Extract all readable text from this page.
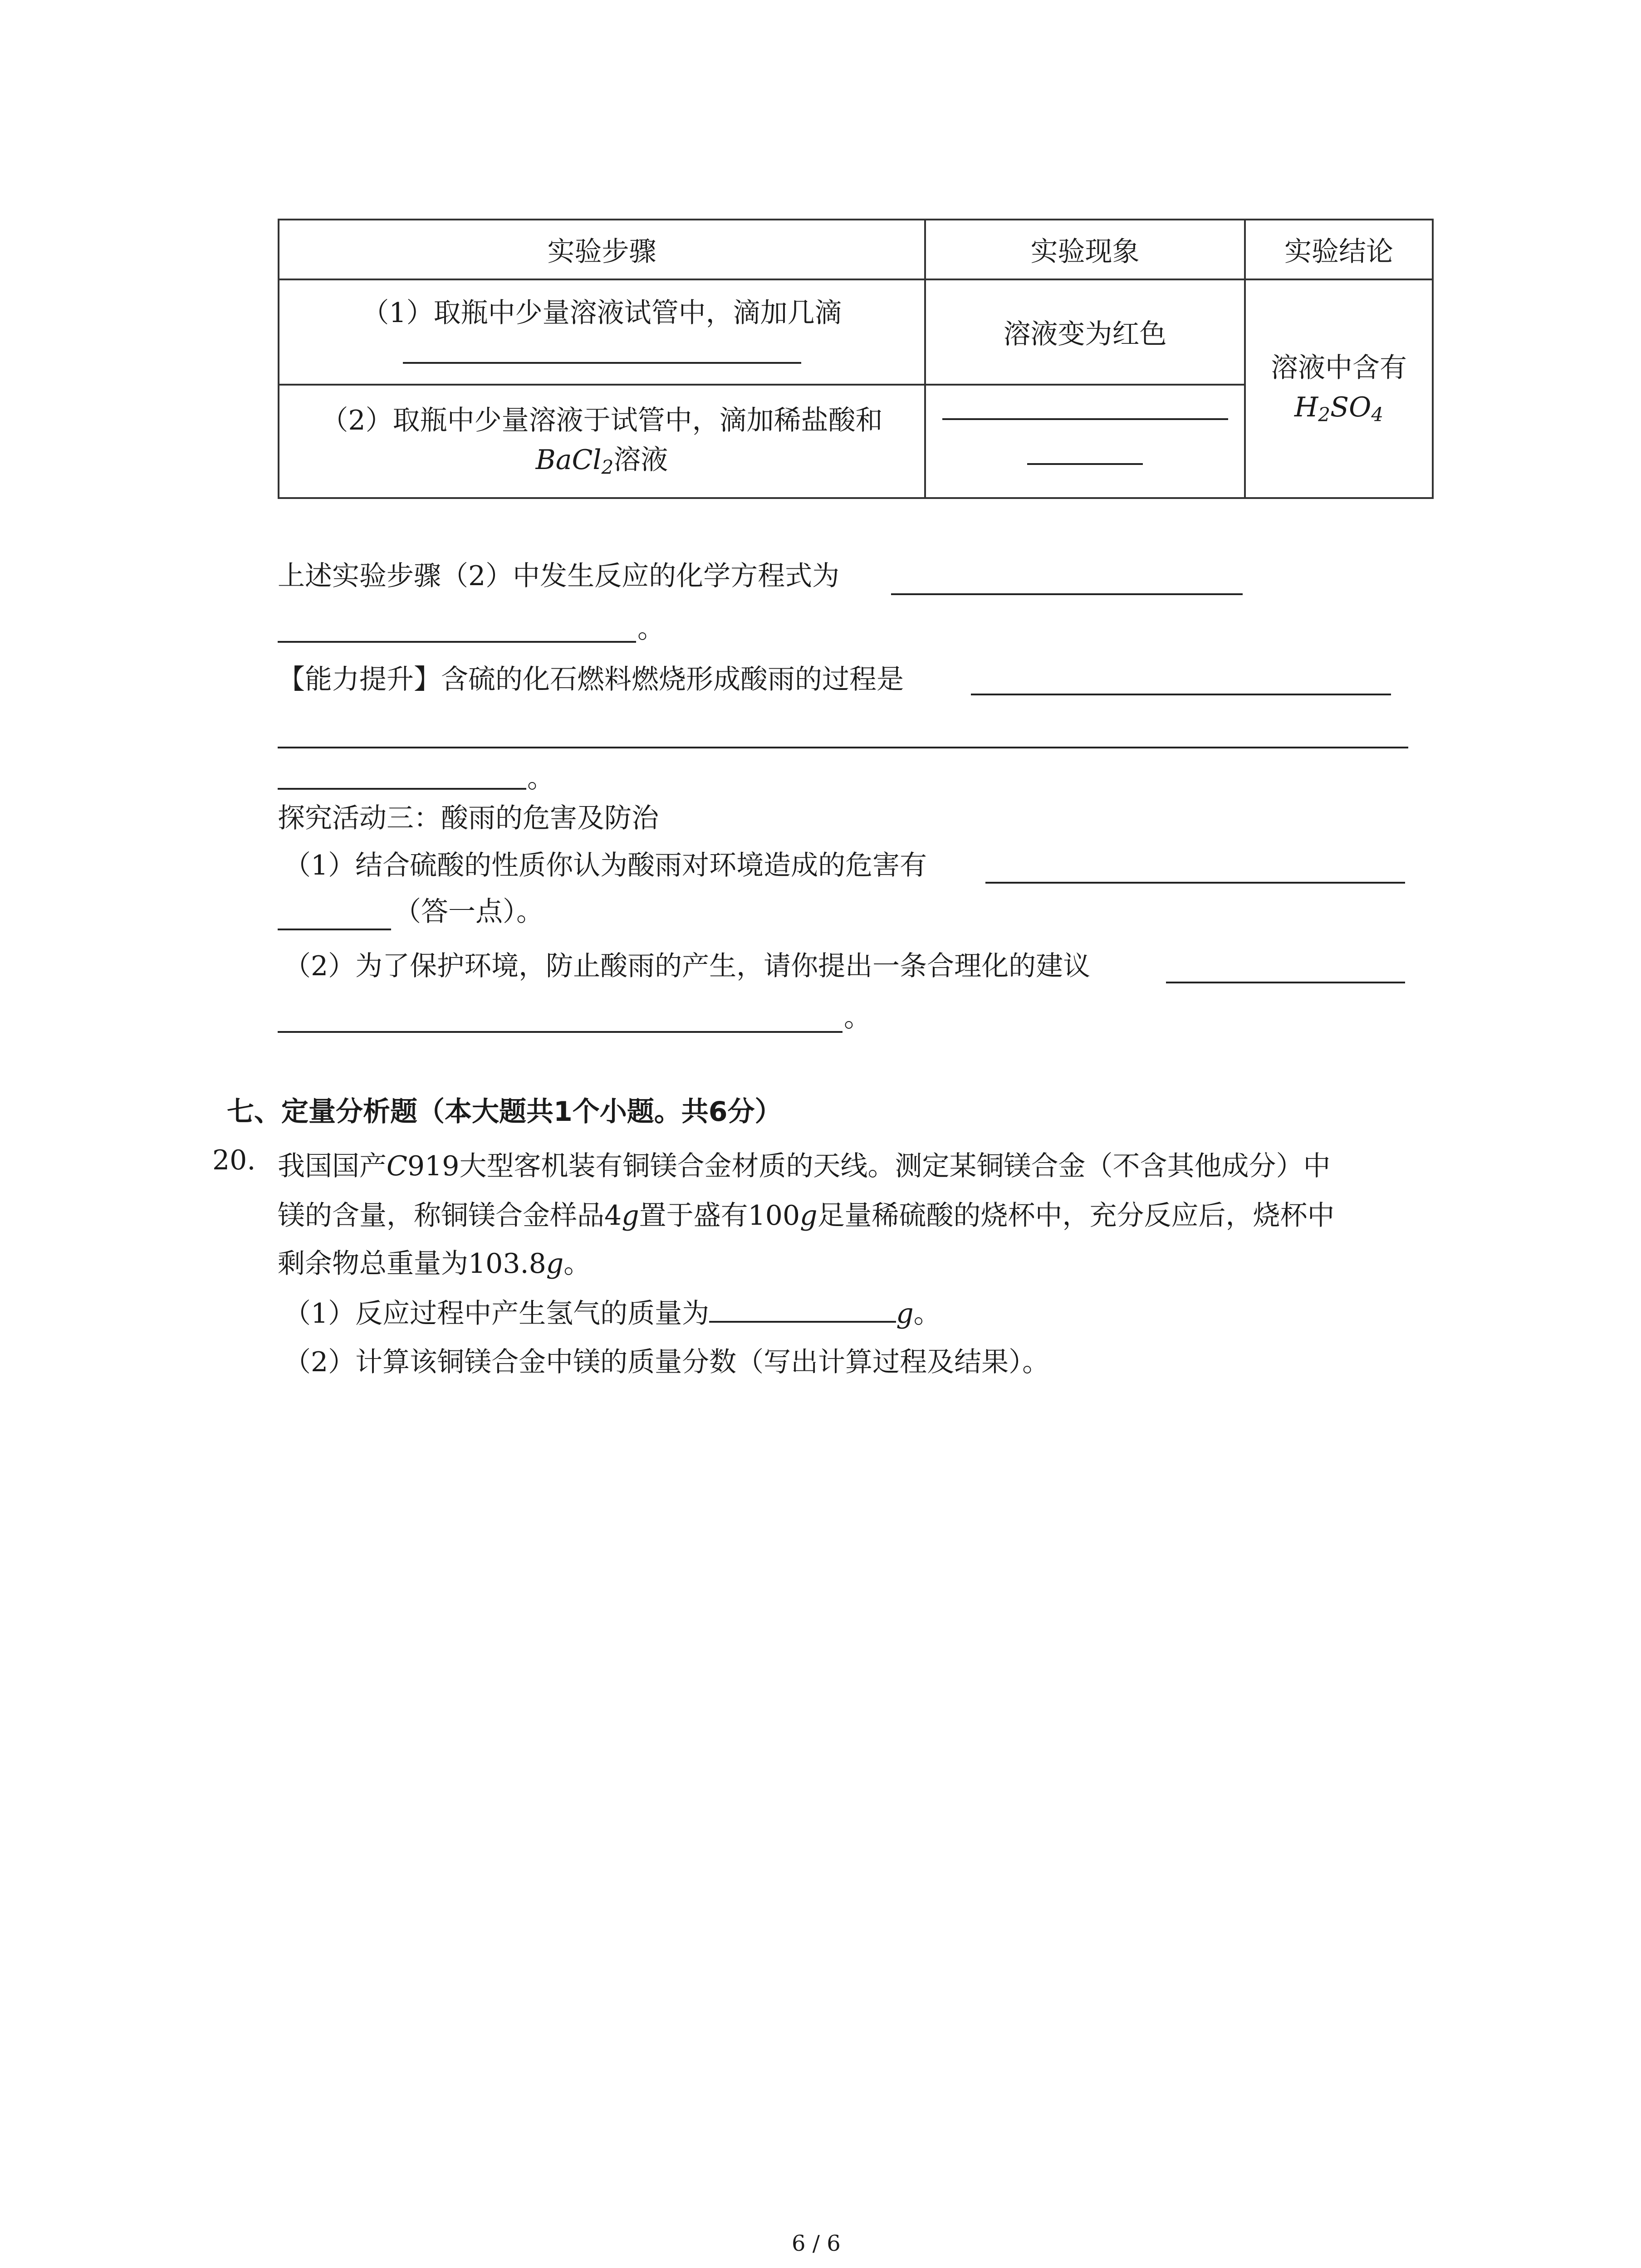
实验步骤	实验现象	实验结论

（1）取瓶中少量溶液试管中，滴加几滴	溶液变为红色	溶液中含有
$H_2SO_4$

（2）取瓶中少量溶液于试管中，滴加稀盐酸和
BaCl$_2$溶液		

上述实验步骤（2）中发生反应的化学方程式为
。
【能力提升】含硫的化石燃料燃烧形成酸雨的过程是
。
探究活动三：酸雨的危害及防治
（1）结合硫酸的性质你认为酸雨对环境造成的危害有
（答一点）。
（2）为了保护环境，防止酸雨的产生，请你提出一条合理化的建议
。
七、定量分析题（本大题共1个小题。共6分）
20. 我国国产C919大型客机装有铜镁合金材质的天线。测定某铜镁合金（不含其他成分）中
镁的含量，称铜镁合金样品4g置于盛有100g足量稀硫酸的烧杯中，充分反应后，烧杯中
剩余物总重量为103.8g。
（1）反应过程中产生氢气的质量为	g。
（2）计算该铜镁合金中镁的质量分数（写出计算过程及结果）。
6 / 6
